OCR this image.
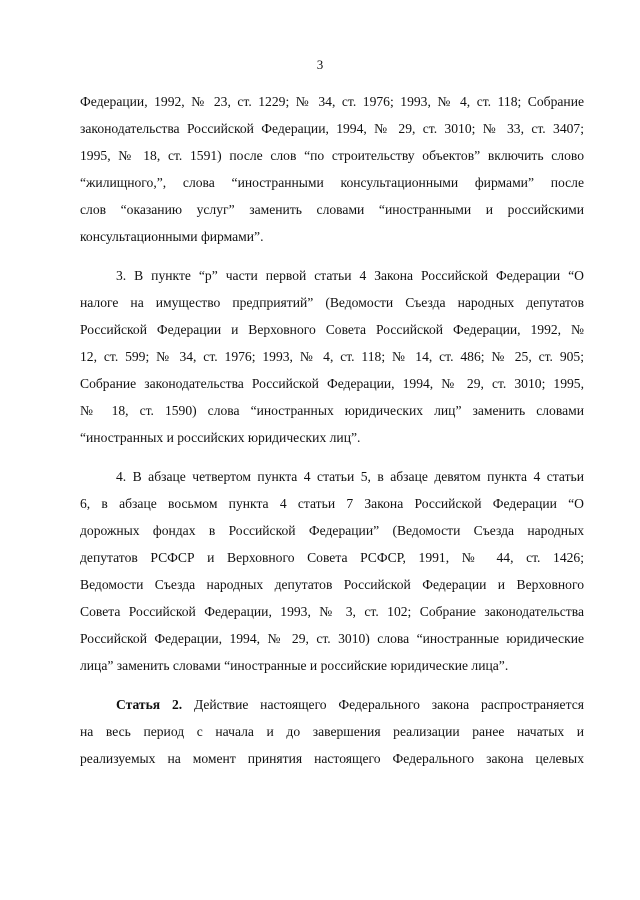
3
Федерации, 1992, № 23, ст. 1229; № 34, ст. 1976; 1993, № 4, ст. 118; Собрание
законодательства Российской Федерации, 1994, № 29, ст. 3010; № 33, ст. 3407;
1995, № 18, ст. 1591) после слов “по строительству объектов” включить слово
“жилищного,”, слова “иностранными консультационными фирмами” после
слов “оказанию услуг” заменить словами “иностранными и российскими
консультационными фирмами”.
3. В пункте “р” части первой статьи 4 Закона Российской Федерации “О
налоге на имущество предприятий” (Ведомости Съезда народных депутатов
Российской Федерации и Верховного Совета Российской Федерации, 1992, №
12, ст. 599; № 34, ст. 1976; 1993, № 4, ст. 118; № 14, ст. 486; № 25, ст. 905;
Собрание законодательства Российской Федерации, 1994, № 29, ст. 3010; 1995,
№ 18, ст. 1590) слова “иностранных юридических лиц” заменить словами
“иностранных и российских юридических лиц”.
4. В абзаце четвертом пункта 4 статьи 5, в абзаце девятом пункта 4 статьи
6, в абзаце восьмом пункта 4 статьи 7 Закона Российской Федерации “О
дорожных фондах в Российской Федерации” (Ведомости Съезда народных
депутатов РСФСР и Верховного Совета РСФСР, 1991, № 44, ст. 1426;
Ведомости Съезда народных депутатов Российской Федерации и Верховного
Совета Российской Федерации, 1993, № 3, ст. 102; Собрание законодательства
Российской Федерации, 1994, № 29, ст. 3010) слова “иностранные юридические
лица” заменить словами “иностранные и российские юридические лица”.
Статья 2. Действие настоящего Федерального закона распространяется
на весь период с начала и до завершения реализации ранее начатых и
реализуемых на момент принятия настоящего Федерального закона целевых
